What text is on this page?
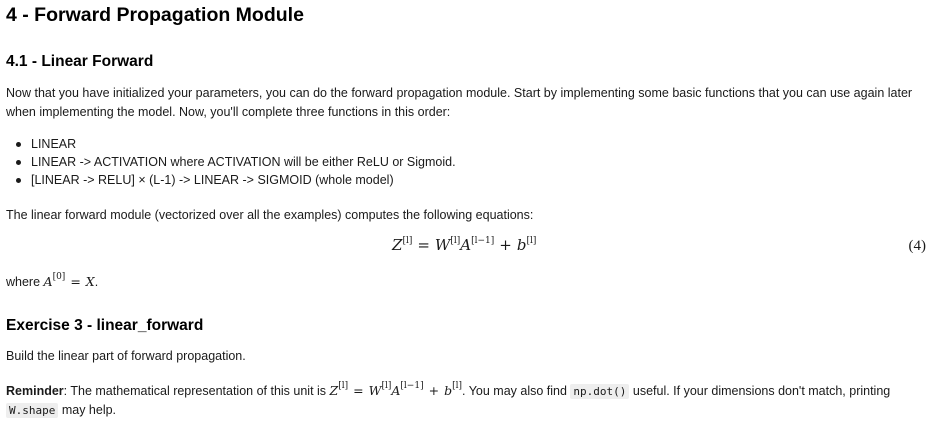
4 - Forward Propagation Module
4.1 - Linear Forward

Now that you have initialized your parameters, you can do the forward propagation module. Start by implementing some basic functions that you can use again later when implementing the model. Now, you'll complete three functions in this order:

LINEAR
LINEAR -> ACTIVATION where ACTIVATION will be either ReLU or Sigmoid.
[LINEAR -> RELU] × (L-1) -> LINEAR -> SIGMOID (whole model)

The linear forward module (vectorized over all the examples) computes the following equations:

Z[l] = W[l]A[l−1] + b[l]	(4)

where A[0] = X.

Exercise 3 - linear_forward

Build the linear part of forward propagation.

Reminder: The mathematical representation of this unit is Z[l] = W[l]A[l−1] + b[l]. You may also find np.dot() useful. If your dimensions don't match, printing W.shape may help.
